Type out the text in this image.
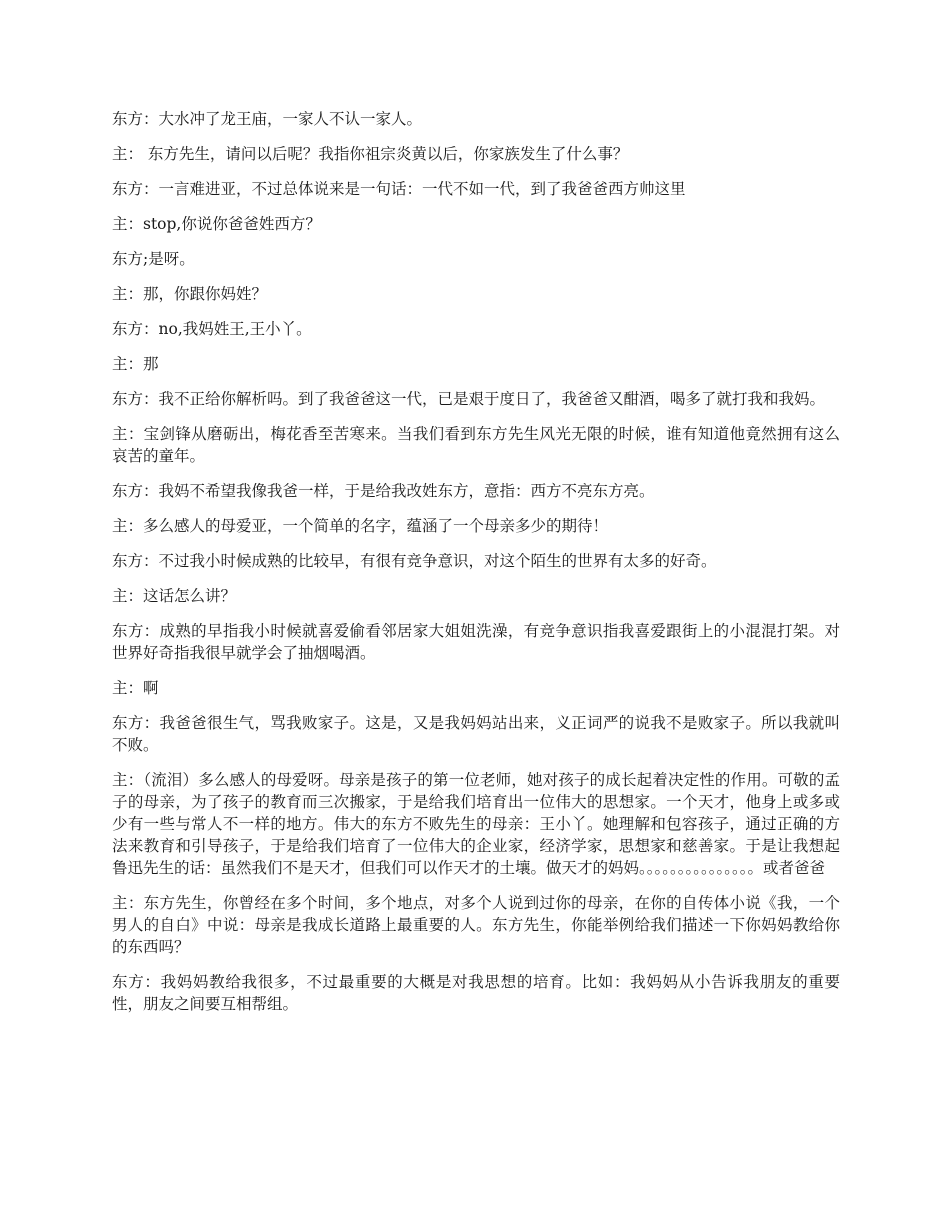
东方：大水冲了龙王庙，一家人不认一家人。

主： 东方先生，请问以后呢？我指你祖宗炎黄以后，你家族发生了什么事？

东方：一言难进亚，不过总体说来是一句话：一代不如一代，到了我爸爸西方帅这里

主：stop,你说你爸爸姓西方？

东方;是呀。

主：那，你跟你妈姓？

东方：no,我妈姓王,王小丫。

主：那

东方：我不正给你解析吗。到了我爸爸这一代，已是艰于度日了，我爸爸又酣酒，喝多了就打我和我妈。

主：宝剑锋从磨砺出，梅花香至苦寒来。当我们看到东方先生风光无限的时候，谁有知道他竟然拥有这么哀苦的童年。

东方：我妈不希望我像我爸一样，于是给我改姓东方，意指：西方不亮东方亮。

主：多么感人的母爱亚，一个简单的名字，蕴涵了一个母亲多少的期待！

东方：不过我小时候成熟的比较早，有很有竞争意识，对这个陌生的世界有太多的好奇。

主：这话怎么讲？

东方：成熟的早指我小时候就喜爱偷看邻居家大姐姐洗澡，有竞争意识指我喜爱跟街上的小混混打架。对世界好奇指我很早就学会了抽烟喝酒。

主：啊

东方：我爸爸很生气，骂我败家子。这是，又是我妈妈站出来，义正词严的说我不是败家子。所以我就叫不败。

主：（流泪）多么感人的母爱呀。母亲是孩子的第一位老师，她对孩子的成长起着决定性的作用。可敬的孟子的母亲，为了孩子的教育而三次搬家，于是给我们培育出一位伟大的思想家。一个天才，他身上或多或少有一些与常人不一样的地方。伟大的东方不败先生的母亲：王小丫。她理解和包容孩子，通过正确的方法来教育和引导孩子，于是给我们培育了一位伟大的企业家，经济学家，思想家和慈善家。于是让我想起鲁迅先生的话：虽然我们不是天才，但我们可以作天才的土壤。做天才的妈妈。。。。。。。。。。。。。。。或者爸爸

主：东方先生，你曾经在多个时间，多个地点，对多个人说到过你的母亲，在你的自传体小说《我，一个男人的自白》中说：母亲是我成长道路上最重要的人。东方先生，你能举例给我们描述一下你妈妈教给你的东西吗？

东方：我妈妈教给我很多，不过最重要的大概是对我思想的培育。比如：我妈妈从小告诉我朋友的重要性，朋友之间要互相帮组。
